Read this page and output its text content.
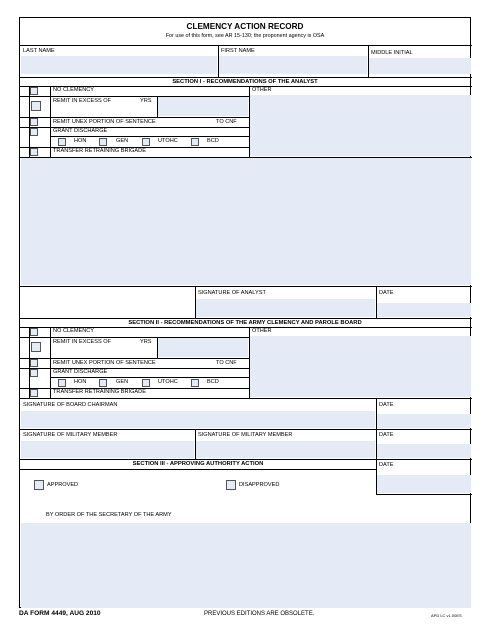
CLEMENCY ACTION RECORD
For use of this form, see AR 15-130; the proponent agency is OSA
LAST NAME	FIRST NAME	MIDDLE INITIAL
SECTION I - RECOMMENDATIONS OF THE ANALYST
NO CLEMENCY
REMIT IN EXCESS OF	YRS
REMIT UNEX PORTION OF SENTENCE	TO CNF
GRANT DISCHARGE
HON	GEN	UTOHC	BCD
TRANSFER RETRAINING BRIGADE
OTHER
SIGNATURE OF ANALYST	DATE
SECTION II - RECOMMENDATIONS OF THE ARMY CLEMENCY AND PAROLE BOARD
NO CLEMENCY
REMIT IN EXCESS OF	YRS
REMIT UNEX PORTION OF SENTENCE	TO CNF
GRANT DISCHARGE
HON	GEN	UTOHC	BCD
TRANSFER RETRAINING BRIGADE
OTHER
SIGNATURE OF BOARD CHAIRMAN	DATE
SIGNATURE OF MILITARY MEMBER	SIGNATURE OF MILITARY MEMBER	DATE
SECTION III - APPROVING AUTHORITY ACTION	DATE
APPROVED	DISAPPROVED
BY ORDER OF THE SECRETARY OF THE ARMY
DA FORM 4449, AUG 2010	PREVIOUS EDITIONS ARE OBSOLETE.	APD LC v1.00ES
